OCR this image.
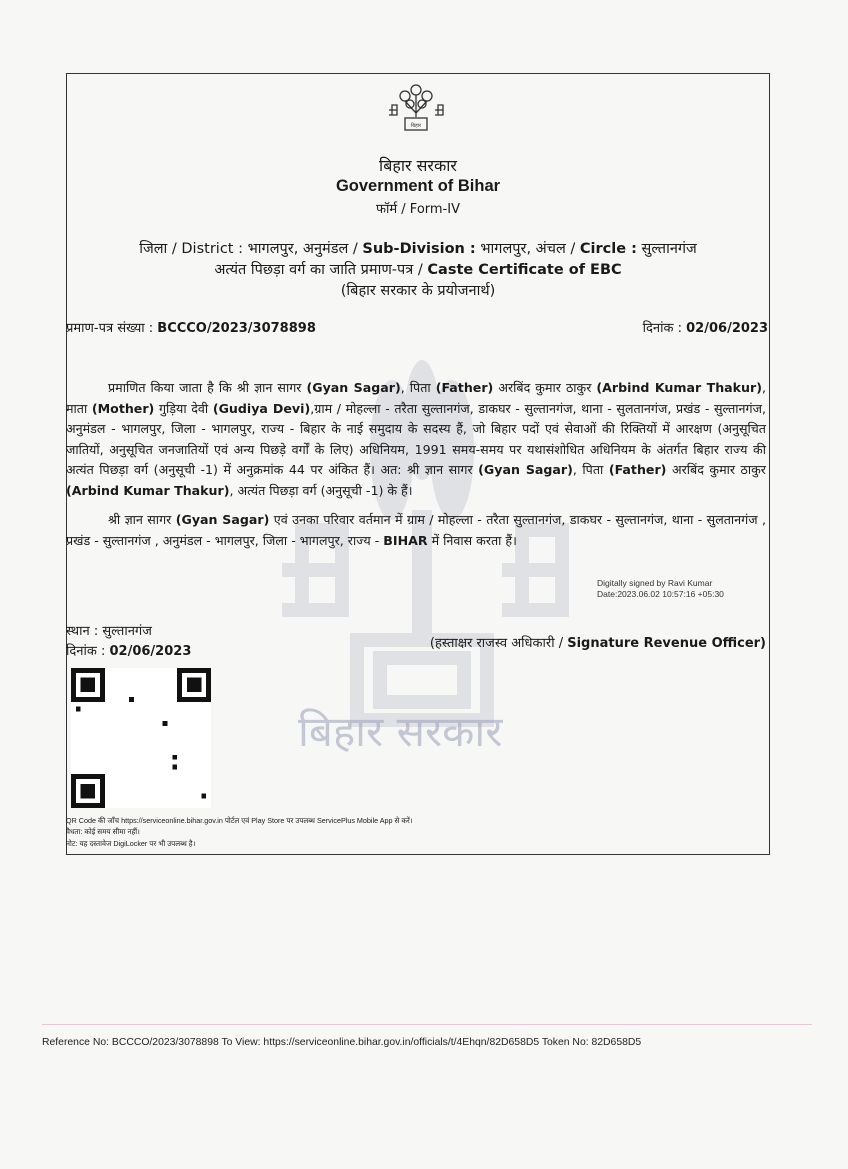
बिहार सरकार
बिहार
बिहार सरकार
Government of Bihar
फॉर्म / Form-IV
जिला / District : भागलपुर, अनुमंडल / Sub-Division : भागलपुर, अंचल / Circle : सुल्तानगंज
अत्यंत पिछड़ा वर्ग का जाति प्रमाण-पत्र / Caste Certificate of EBC
(बिहार सरकार के प्रयोजनार्थ)
प्रमाण-पत्र संख्या : BCCCO/2023/3078898	दिनांक : 02/06/2023
प्रमाणित किया जाता है कि श्री ज्ञान सागर (Gyan Sagar), पिता (Father) अरबिंद कुमार ठाकुर (Arbind Kumar Thakur), माता (Mother) गुड़िया देवी (Gudiya Devi),ग्राम / मोहल्ला - तरैता सुल्तानगंज, डाकघर - सुल्तानगंज, थाना - सुलतानगंज, प्रखंड - सुल्तानगंज, अनुमंडल - भागलपुर, जिला - भागलपुर, राज्य - बिहार के नाई समुदाय के सदस्य हैं, जो बिहार पदों एवं सेवाओं की रिक्तियों में आरक्षण (अनुसूचित जातियों, अनुसूचित जनजातियों एवं अन्य पिछड़े वर्गों के लिए) अधिनियम, 1991 समय-समय पर यथासंशोधित अधिनियम के अंतर्गत बिहार राज्य की अत्यंत पिछड़ा वर्ग (अनुसूची -1) में अनुक्रमांक 44 पर अंकित हैं। अत: श्री ज्ञान सागर (Gyan Sagar), पिता (Father) अरबिंद कुमार ठाकुर (Arbind Kumar Thakur), अत्यंत पिछड़ा वर्ग (अनुसूची -1) के हैं।
श्री ज्ञान सागर (Gyan Sagar) एवं उनका परिवार वर्तमान में ग्राम / मोहल्ला - तरैता सुल्तानगंज, डाकघर - सुल्तानगंज, थाना - सुलतानगंज , प्रखंड - सुल्तानगंज , अनुमंडल - भागलपुर, जिला - भागलपुर, राज्य - BIHAR में निवास करता हैं।
Digitally signed by Ravi Kumar
Date:2023.06.02 10:57:16 +05:30
स्थान : सुल्तानगंज
दिनांक : 02/06/2023
(हस्ताक्षर राजस्व अधिकारी / Signature Revenue Officer)
QR Code की जाँच https://serviceonline.bihar.gov.in पोर्टल एवं Play Store पर उपलब्ध ServicePlus Mobile App से करें।
वैधता: कोई समय सीमा नहीं।
नोट: यह दस्तावेज DigiLocker पर भी उपलब्ध है।
Reference No: BCCCO/2023/3078898 To View: https://serviceonline.bihar.gov.in/officials/t/4Ehqn/82D658D5 Token No: 82D658D5
